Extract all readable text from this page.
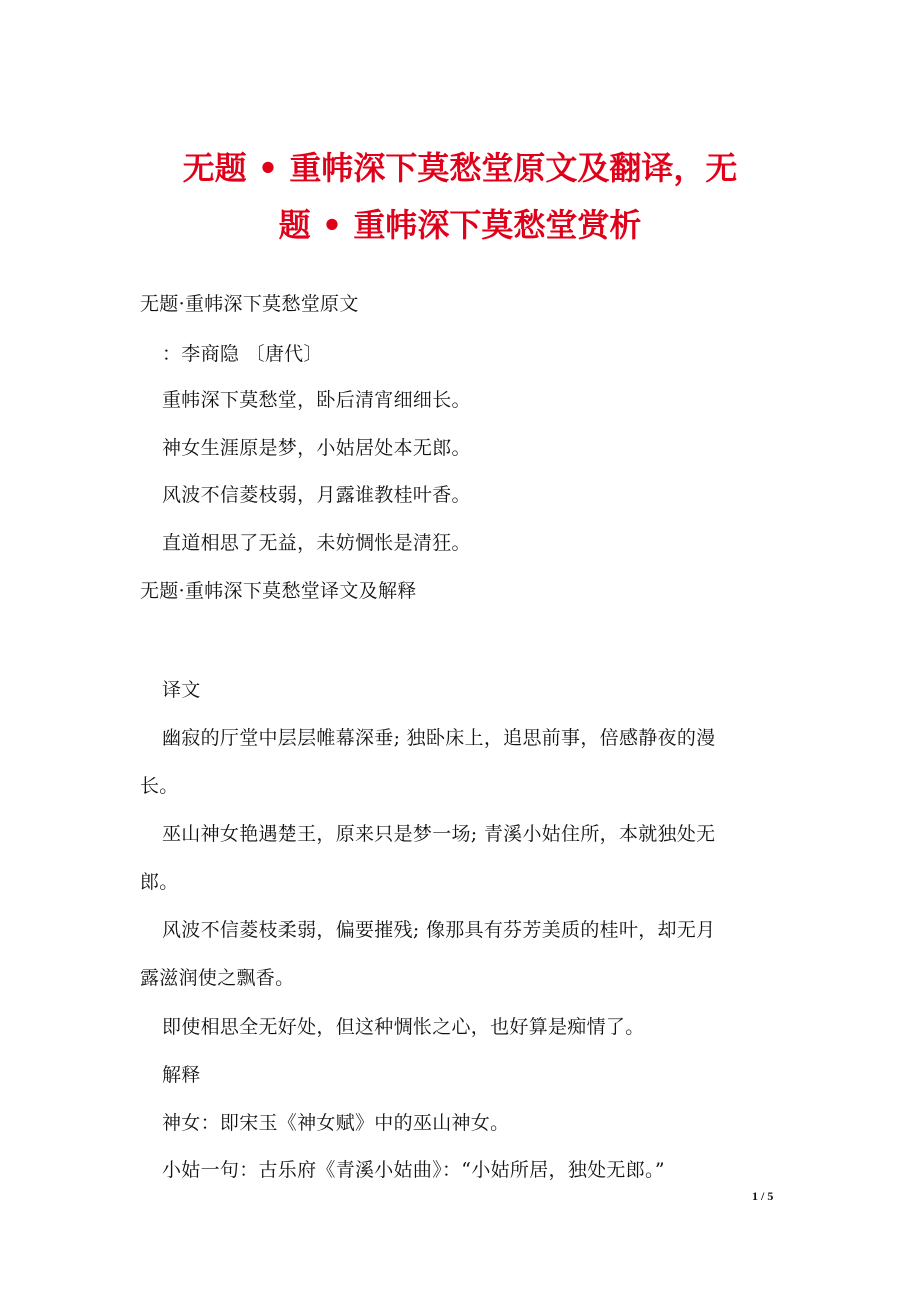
无题 • 重帏深下莫愁堂原文及翻译，无
题 • 重帏深下莫愁堂赏析
无题·重帏深下莫愁堂原文
：李商隐 〔唐代〕
重帏深下莫愁堂，卧后清宵细细长。
神女生涯原是梦，小姑居处本无郎。
风波不信菱枝弱，月露谁教桂叶香。
直道相思了无益，未妨惆怅是清狂。
无题·重帏深下莫愁堂译文及解释
译文
幽寂的厅堂中层层帷幕深垂; 独卧床上，追思前事，倍感静夜的漫
长。
巫山神女艳遇楚王，原来只是梦一场; 青溪小姑住所，本就独处无
郎。
风波不信菱枝柔弱，偏要摧残; 像那具有芬芳美质的桂叶，却无月
露滋润使之飘香。
即使相思全无好处，但这种惆怅之心，也好算是痴情了。
解释
神女：即宋玉《神女赋》中的巫山神女。
小姑一句：古乐府《青溪小姑曲》：“小姑所居，独处无郎。”
1 / 5
